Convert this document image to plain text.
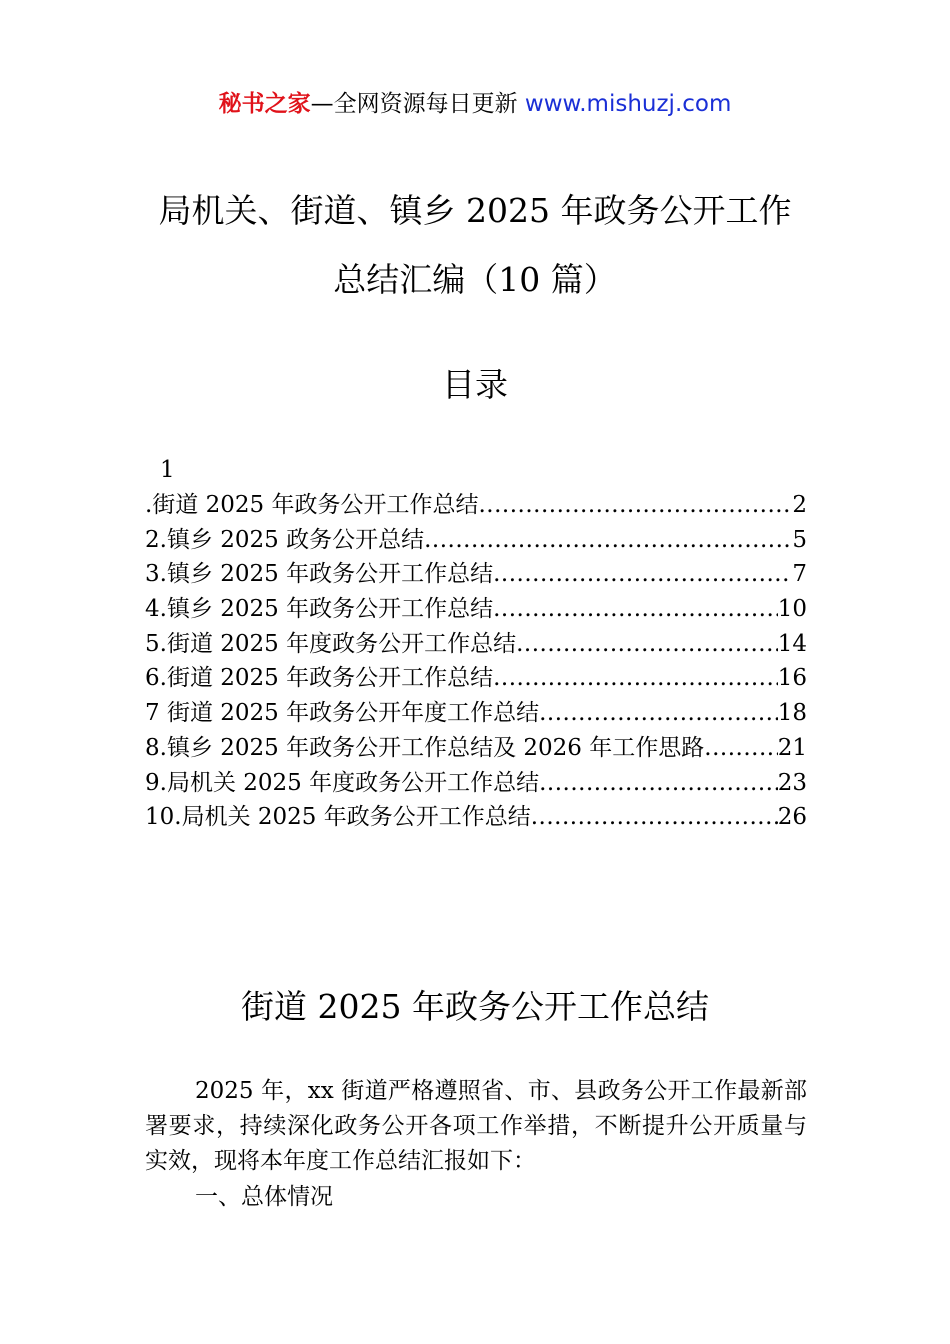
秘书之家—全网资源每日更新 www.mishuzj.com
局机关、街道、镇乡 2025 年政务公开工作
总结汇编（10 篇）
目录
1
.街道 2025 年政务公开工作总结 .....	2
2.镇乡 2025 政务公开总结 .....	5
3.镇乡 2025 年政务公开工作总结 .....	7
4.镇乡 2025 年政务公开工作总结 .....	10
5.街道 2025 年度政务公开工作总结 .....	14
6.街道 2025 年政务公开工作总结 .....	16
7 街道 2025 年政务公开年度工作总结 .....	18
8.镇乡 2025 年政务公开工作总结及 2026 年工作思路 .....	21
9.局机关 2025 年度政务公开工作总结 .....	23
10.局机关 2025 年政务公开工作总结 .....	26
街道 2025 年政务公开工作总结

2025 年，xx 街道严格遵照省、市、县政务公开工作最新部署要求，持续深化政务公开各项工作举措，不断提升公开质量与实效，现将本年度工作总结汇报如下：

一、总体情况
